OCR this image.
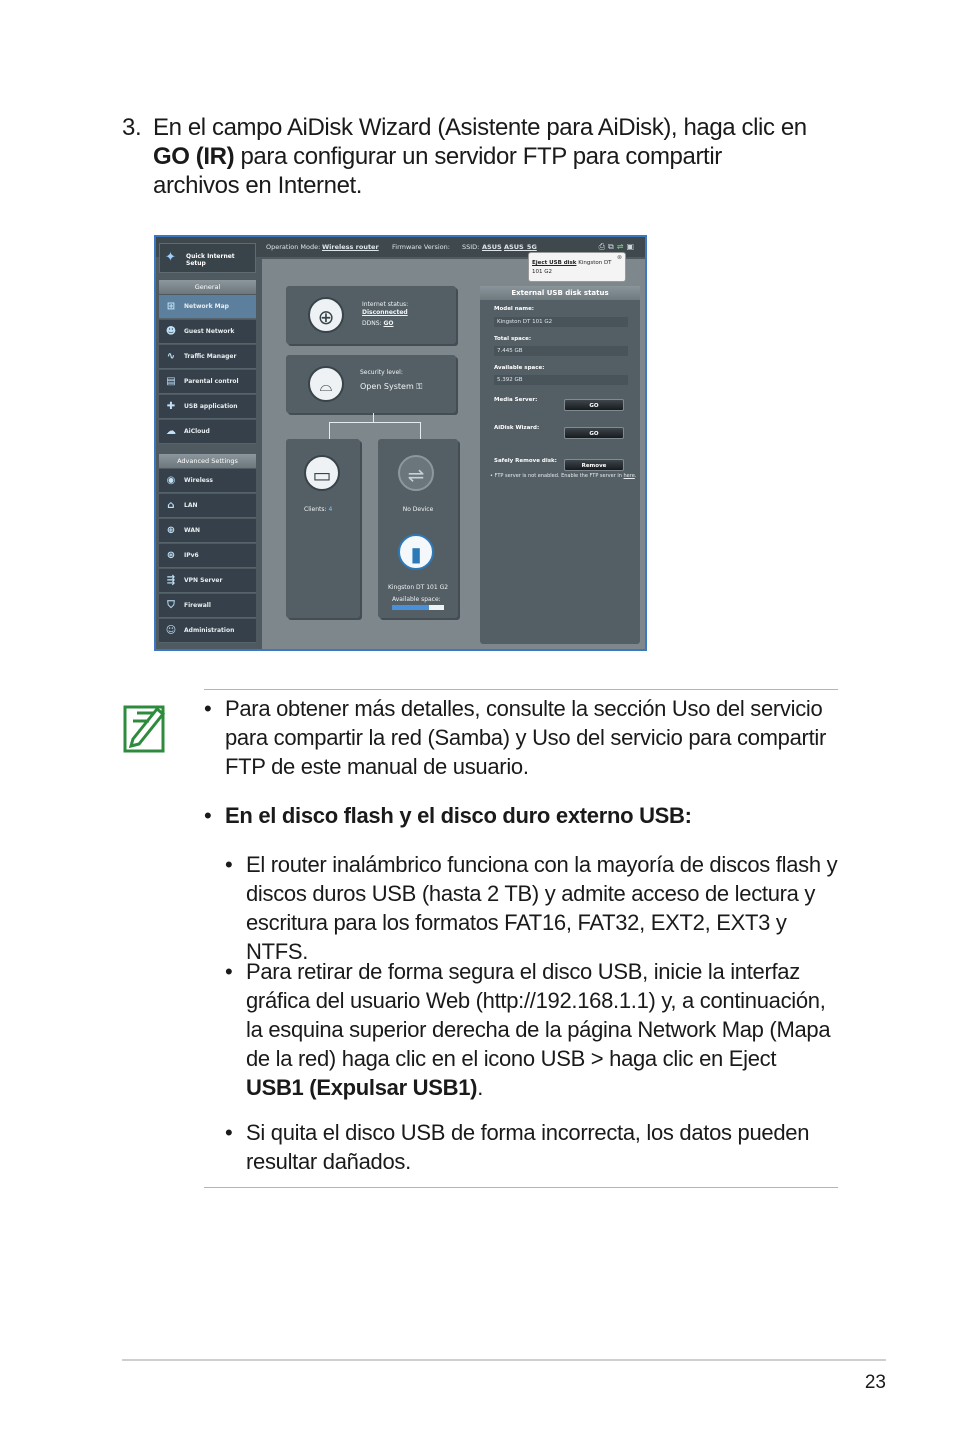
3. En el campo AiDisk Wizard (Asistente para AiDisk), haga clic en GO (IR) para configurar un servidor FTP para compartir archivos en Internet.
Operation Mode: Wireless router Firmware Version: SSID: ASUS ASUS_5G	⎙⧉⇌▣
✦	Quick Internet Setup
General
⊞	Network Map
☻ Guest Network
∿	Traffic Manager
▤	Parental control
✚	USB application
☁	AiCloud
Advanced Settings
◉	Wireless
⌂	LAN
⊕	WAN
⊛	IPv6
⇶	VPN Server
⛉	Firewall
☺ Administration
⊕
Internet status:
Disconnected
DDNS: GO
⌓
Security level:
Open System ⚿
▭
Clients: 4
⇌
No Device
▮
Kingston DT 101 G2
Available space:
External USB disk status
Model name:
Kingston DT 101 G2
Total space:
7.445 GB
Available space:
5.392 GB
Media Server:
GO
AiDisk Wizard:
GO
Safely Remove disk:
Remove
• FTP server is not enabled. Enable the FTP server in here.
⊗
Eject USB disk Kingston DT 101 G2
• Para obtener más detalles, consulte la sección Uso del servicio para compartir la red (Samba) y Uso del servicio para compartir FTP de este manual de usuario.
• En el disco flash y el disco duro externo USB:
• El router inalámbrico funciona con la mayoría de discos flash y discos duros USB (hasta 2 TB) y admite acceso de lectura y escritura para los formatos FAT16, FAT32, EXT2, EXT3 y NTFS.
• Para retirar de forma segura el disco USB, inicie la interfaz gráfica del usuario Web (http://192.168.1.1) y, a continuación, la esquina superior derecha de la página Network Map (Mapa de la red) haga clic en el icono USB > haga clic en Eject USB1 (Expulsar USB1).
• Si quita el disco USB de forma incorrecta, los datos pueden resultar dañados.
23
